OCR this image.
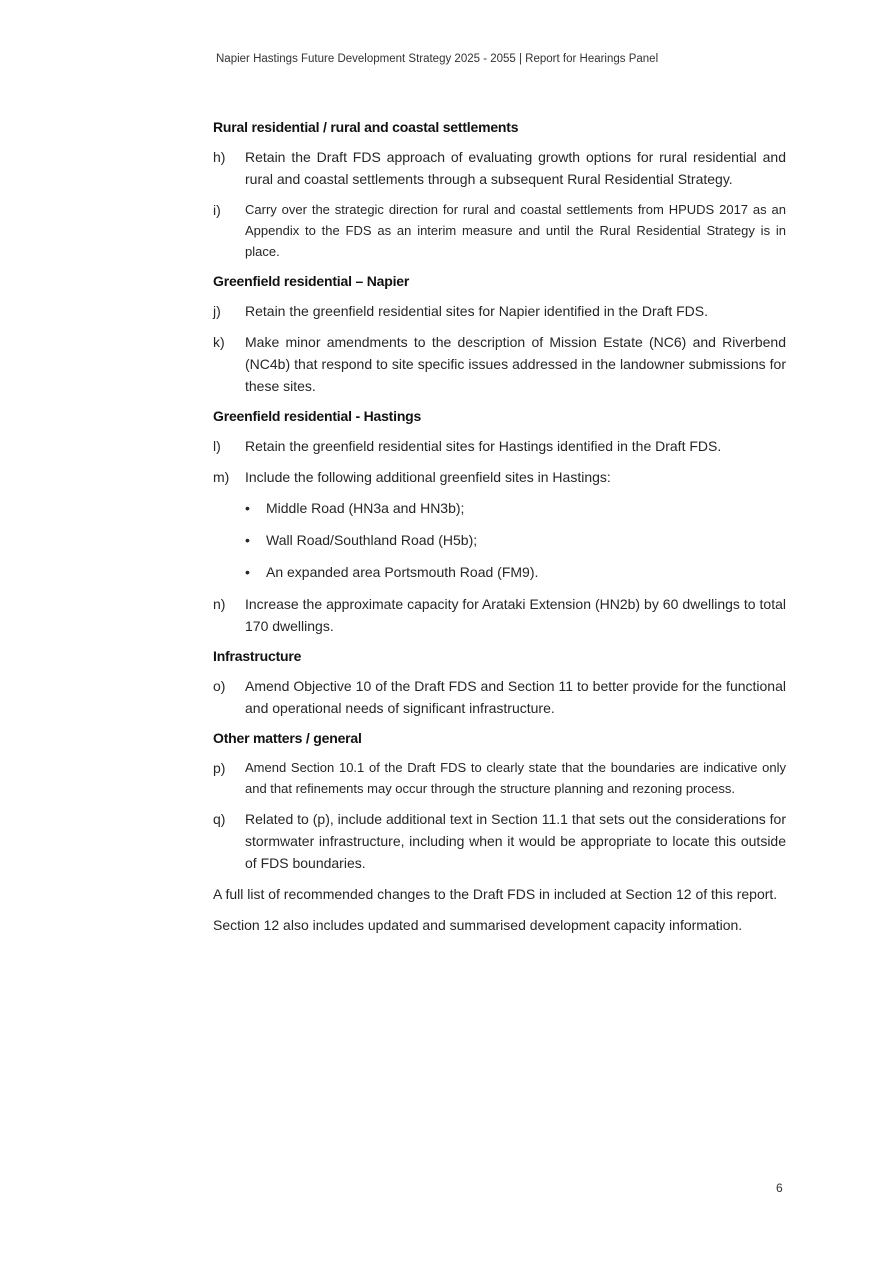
Napier Hastings Future Development Strategy 2025 - 2055 | Report for Hearings Panel
Rural residential / rural and coastal settlements
h)	Retain the Draft FDS approach of evaluating growth options for rural residential and rural and coastal settlements through a subsequent Rural Residential Strategy.
i)	Carry over the strategic direction for rural and coastal settlements from HPUDS 2017 as an Appendix to the FDS as an interim measure and until the Rural Residential Strategy is in place.
Greenfield residential – Napier
j)	Retain the greenfield residential sites for Napier identified in the Draft FDS.
k)	Make minor amendments to the description of Mission Estate (NC6) and Riverbend (NC4b) that respond to site specific issues addressed in the landowner submissions for these sites.
Greenfield residential - Hastings
l)	Retain the greenfield residential sites for Hastings identified in the Draft FDS.
m)	Include the following additional greenfield sites in Hastings:
•	Middle Road (HN3a and HN3b);
•	Wall Road/Southland Road (H5b);
•	An expanded area Portsmouth Road (FM9).
n)	Increase the approximate capacity for Arataki Extension (HN2b) by 60 dwellings to total 170 dwellings.
Infrastructure
o)	Amend Objective 10 of the Draft FDS and Section 11 to better provide for the functional and operational needs of significant infrastructure.
Other matters / general
p)	Amend Section 10.1 of the Draft FDS to clearly state that the boundaries are indicative only and that refinements may occur through the structure planning and rezoning process.
q)	Related to (p), include additional text in Section 11.1 that sets out the considerations for stormwater infrastructure, including when it would be appropriate to locate this outside of FDS boundaries.

A full list of recommended changes to the Draft FDS in included at Section 12 of this report.

Section 12 also includes updated and summarised development capacity information.

6
